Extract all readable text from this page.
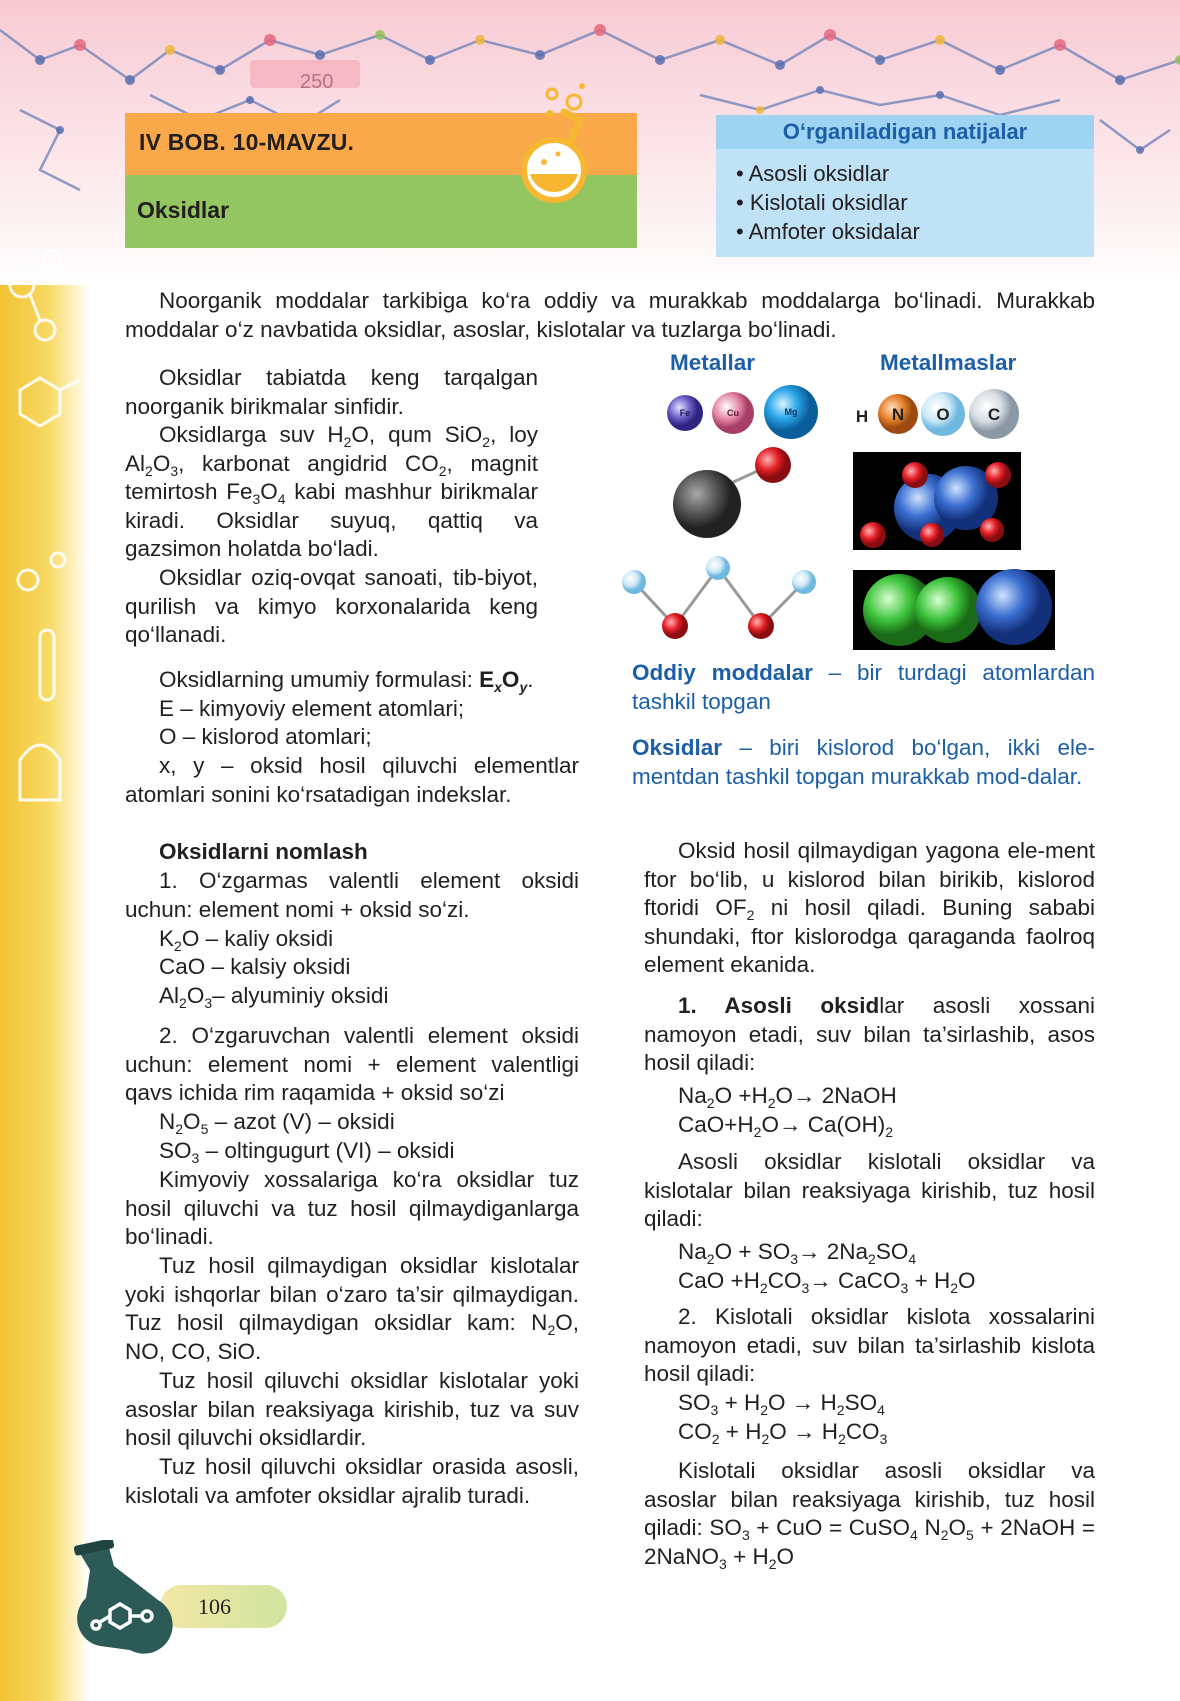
250
IV BOB. 10-MAVZU.
Oksidlar
O‘rganiladigan natijalar
• Asosli oksidlar
• Kislotali oksidlar
• Amfoter oksidalar

Noorganik moddalar tarkibiga ko‘ra oddiy va murakkab moddalarga bo‘linadi. Murakkab moddalar o‘z navbatida oksidlar, asoslar, kislotalar va tuzlarga bo‘linadi.

Oksidlar tabiatda keng tarqalgan noorganik birikmalar sinfidir.

Oksidlarga suv $H_2O$, qum SiO$_2$, loy $Al_2O_3$, karbonat angidrid $CO_2$, magnit temirtosh $Fe_3O_4$ kabi mashhur birikmalar kiradi. Oksidlar suyuq, qattiq va gazsimon holatda bo‘ladi.

Oksidlar oziq-ovqat sanoati, tib-biyot, qurilish va kimyo korxonalarida keng qo‘llanadi.

Oksidlarning umumiy formulasi: $E_xO_y$.

E – kimyoviy element atomlari;

O – kislorod atomlari;

x, y – oksid hosil qiluvchi elementlar atomlari sonini ko‘rsatadigan indekslar.

Oksidlarni nomlash

1. O‘zgarmas valentli element oksidi uchun: element nomi + oksid so‘zi.

$K_2O$ – kaliy oksidi

CaO – kalsiy oksidi

$Al_2O_3-$ alyuminiy oksidi

2. O‘zgaruvchan valentli element oksidi uchun: element nomi + element valentligi qavs ichida rim raqamida + oksid so‘zi

$N_2O_5$ – azot (V) – oksidi

$SO_3$ – oltingugurt (VI) – oksidi

Kimyoviy xossalariga ko‘ra oksidlar tuz hosil qiluvchi va tuz hosil qilmaydiganlarga bo‘linadi.

Tuz hosil qilmaydigan oksidlar kislotalar yoki ishqorlar bilan o‘zaro ta’sir qilmaydigan. Tuz hosil qilmaydigan oksidlar kam: $N_2O$, NO, CO, SiO.

Tuz hosil qiluvchi oksidlar kislotalar yoki asoslar bilan reaksiyaga kirishib, tuz va suv hosil qiluvchi oksidlardir.

Tuz hosil qiluvchi oksidlar orasida asosli, kislotali va amfoter oksidlar ajralib turadi.

Metallar	Metallmaslar
Fe	Cu	Mg	H N O C

Oddiy moddalar – bir turdagi atomlardan tashkil topgan

Oksidlar – biri kislorod bo‘lgan, ikki ele-mentdan tashkil topgan murakkab mod-dalar.

Oksid hosil qilmaydigan yagona ele-ment ftor bo‘lib, u kislorod bilan birikib, kislorod ftoridi $OF_2$ ni hosil qiladi. Buning sababi shundaki, ftor kislorodga qaraganda faolroq element ekanida.

1. Asosli oksidlar asosli xossani namoyon etadi, suv bilan ta’sirlashib, asos hosil qiladi:

$Na_2O +H_2O\to$ 2NaOH

$CaO+H_2O\to Ca(OH)_2$

Asosli oksidlar kislotali oksidlar va kislotalar bilan reaksiyaga kirishib, tuz hosil qiladi:

$Na_2O + SO_3\to 2Na_2SO_4$

CaO $+H_2CO_3\to$ CaCO$_3$ + $H_2O$

2. Kislotali oksidlar kislota xossalarini namoyon etadi, suv bilan ta’sirlashib kislota hosil qiladi:

$SO_3 + H_2O \to H_2SO_4$

$CO_2 + H_2O \to H_2CO_3$

Kislotali oksidlar asosli oksidlar va asoslar bilan reaksiyaga kirishib, tuz hosil qiladi: $SO_3$ + CuO = CuSO$_4$ $N_2O_5$ + 2NaOH = 2NaNO$_3$ + $H_2O$

106
